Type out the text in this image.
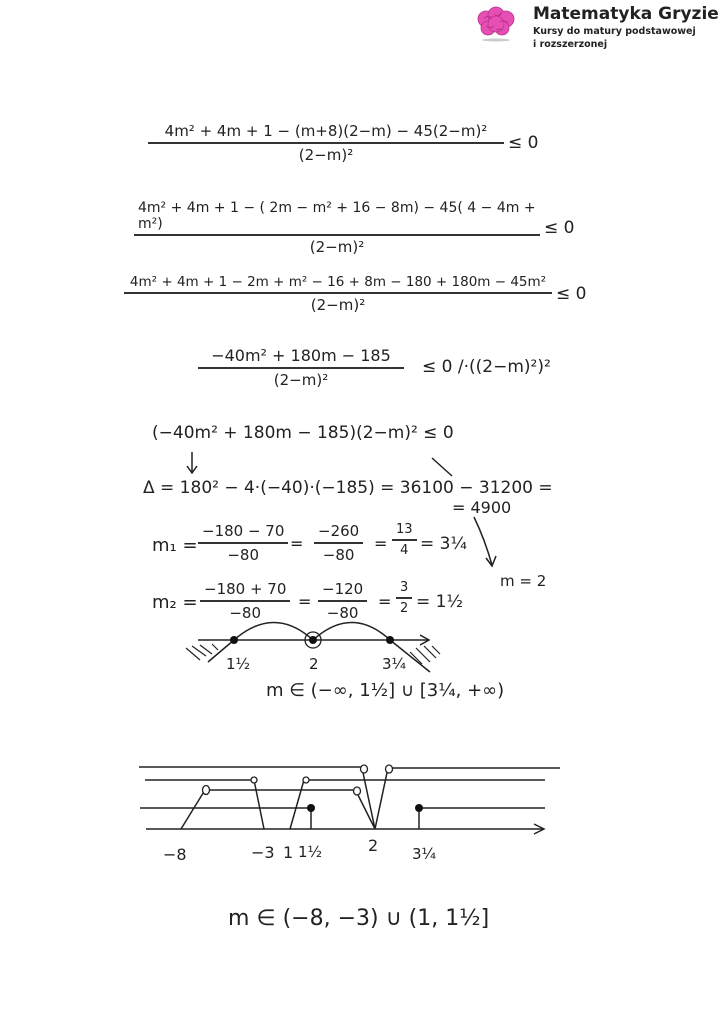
Matematyka Gryzie
Kursy do matury podstawowej
i rozszerzonej
$\frac{\text{4m² + 4m + 1 − (m+8)(2−m) − 45(2−m)²}}{\text{(2−m)²}} \le 0$
$\frac{\text{4m² + 4m + 1 − ( 2m − m² + 16 − 8m) − 45( 4 − 4m + m²)}}{\text{(2−m)²}} \le 0$
$\frac{\text{4m² + 4m + 1 − 2m + m² − 16 + 8m − 180 + 180m − 45m²}}{\text{(2−m)²}} \le 0$
$\frac{\text{−40m² + 180m − 185}}{\text{(2−m)²}} \le 0$ /·((2−m)²)²
(−40m² + 180m − 185)(2−m)² ≤ 0
Δ = 180² − 4·(−40)·(−185) = 36100 − 31200 =
= 4900
$m_1 = \frac{-180 - 70}{-80} = \frac{-260}{-80} = \frac{13}{4}$ = 3¼
$m_2 = \frac{-180 + 70}{-80} = \frac{-120}{-80} = \frac{3}{2}$ = 1½
m = 2
1½	2	3¼
m ∈ (−∞, 1½] ∪ [3¼, +∞)
−8	−3 1 1½	2 3¼
m ∈ (−8, −3) ∪ (1, 1½]
